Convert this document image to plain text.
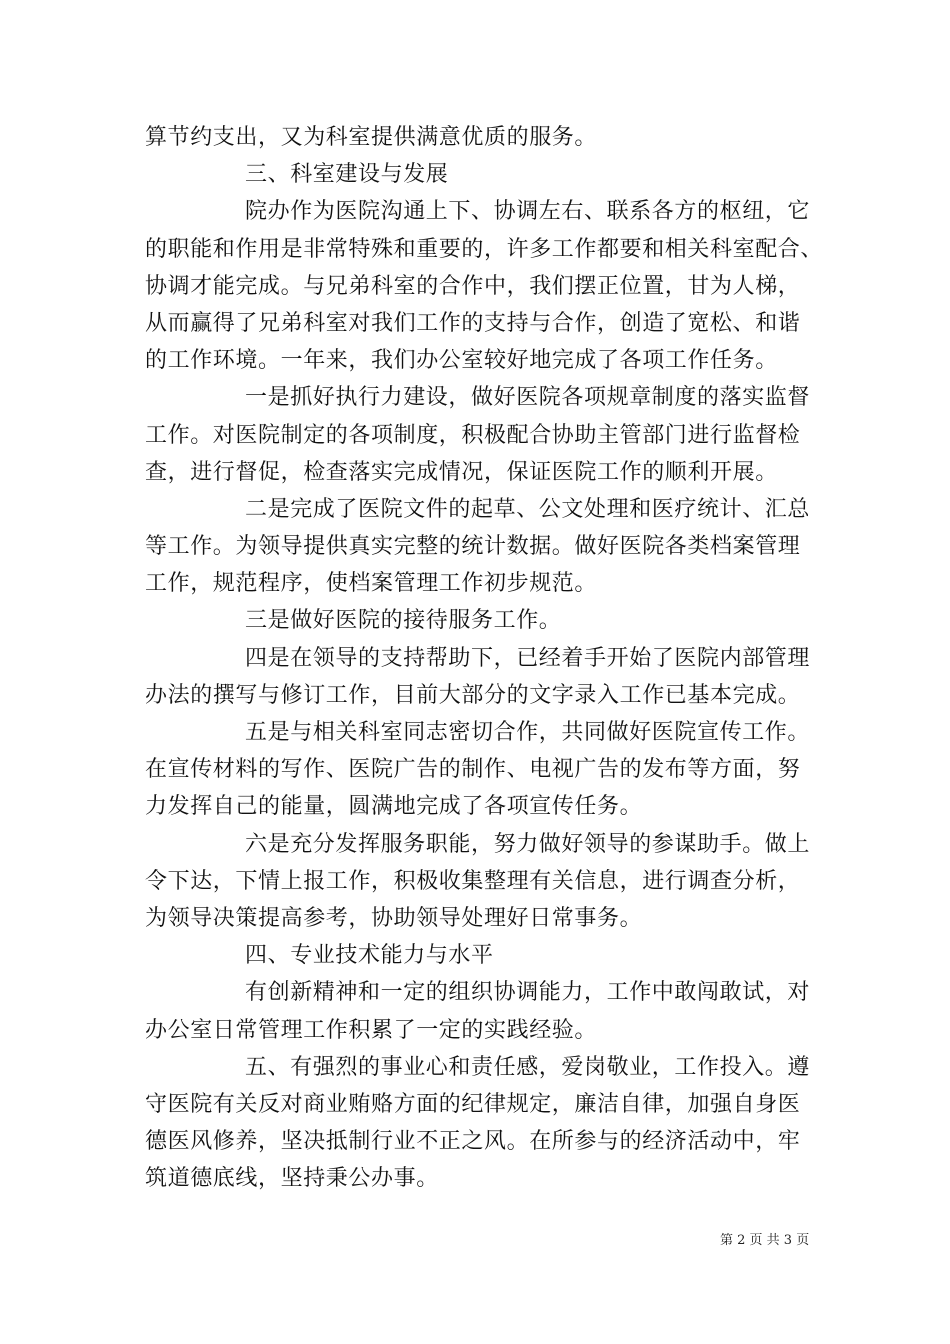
算节约支出，又为科室提供满意优质的服务。
三、科室建设与发展
院办作为医院沟通上下、协调左右、联系各方的枢纽，它
的职能和作用是非常特殊和重要的，许多工作都要和相关科室配合、
协调才能完成。与兄弟科室的合作中，我们摆正位置，甘为人梯，
从而赢得了兄弟科室对我们工作的支持与合作，创造了宽松、和谐
的工作环境。一年来，我们办公室较好地完成了各项工作任务。
一是抓好执行力建设，做好医院各项规章制度的落实监督
工作。对医院制定的各项制度，积极配合协助主管部门进行监督检
查，进行督促，检查落实完成情况，保证医院工作的顺利开展。
二是完成了医院文件的起草、公文处理和医疗统计、汇总
等工作。为领导提供真实完整的统计数据。做好医院各类档案管理
工作，规范程序，使档案管理工作初步规范。
三是做好医院的接待服务工作。
四是在领导的支持帮助下，已经着手开始了医院内部管理
办法的撰写与修订工作，目前大部分的文字录入工作已基本完成。
五是与相关科室同志密切合作，共同做好医院宣传工作。
在宣传材料的写作、医院广告的制作、电视广告的发布等方面，努
力发挥自己的能量，圆满地完成了各项宣传任务。
六是充分发挥服务职能，努力做好领导的参谋助手。做上
令下达，下情上报工作，积极收集整理有关信息，进行调查分析，
为领导决策提高参考，协助领导处理好日常事务。
四、专业技术能力与水平
有创新精神和一定的组织协调能力，工作中敢闯敢试，对
办公室日常管理工作积累了一定的实践经验。
五、有强烈的事业心和责任感，爱岗敬业，工作投入。遵
守医院有关反对商业贿赂方面的纪律规定，廉洁自律，加强自身医
德医风修养，坚决抵制行业不正之风。在所参与的经济活动中，牢
筑道德底线，坚持秉公办事。
第 2 页 共 3 页
